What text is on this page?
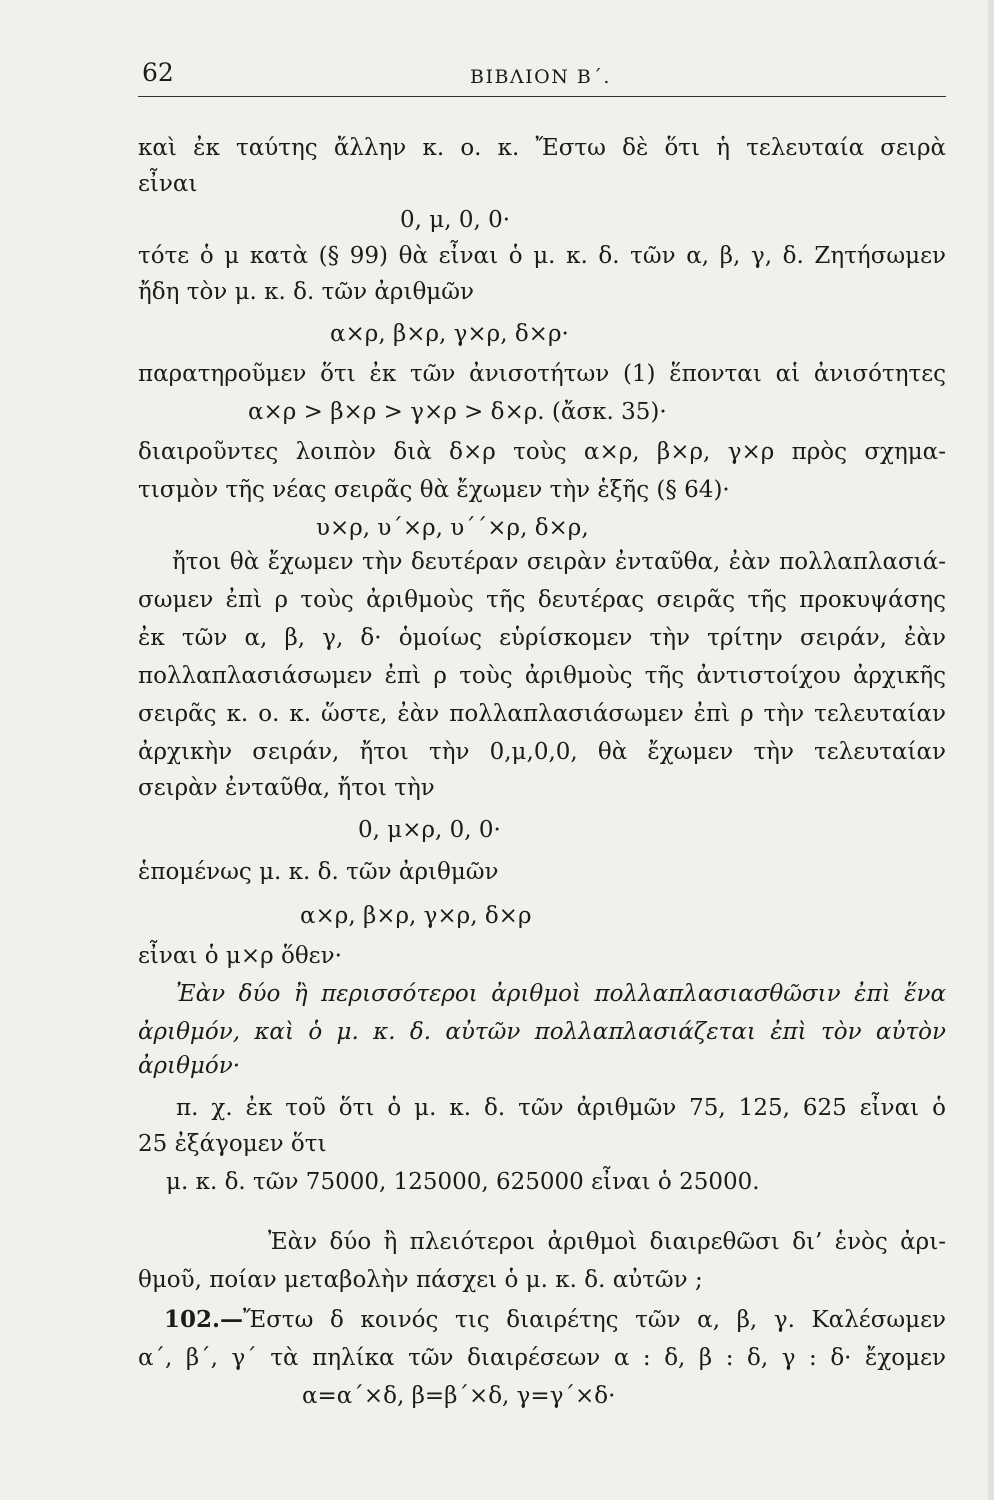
62	ΒΙΒΛΙΟΝ Β΄.
καὶ ἐκ ταύτης ἄλλην κ. ο. κ. Ἔστω δὲ ὅτι ἡ τελευταία σειρὰ
εἶναι
0, μ, 0, 0·
τότε ὁ μ κατὰ (§ 99) θὰ εἶναι ὁ μ. κ. δ. τῶν α, β, γ, δ. Ζητήσωμεν
ἤδη τὸν μ. κ. δ. τῶν ἀριθμῶν
α×ρ, β×ρ, γ×ρ, δ×ρ·
παρατηροῦμεν ὅτι ἐκ τῶν ἀνισοτήτων (1) ἕπονται αἱ ἀνισότητες
α×ρ > β×ρ > γ×ρ > δ×ρ. (ἄσκ. 35)·
διαιροῦντες λοιπὸν διὰ δ×ρ τοὺς α×ρ, β×ρ, γ×ρ πρὸς σχημα-
τισμὸν τῆς νέας σειρᾶς θὰ ἔχωμεν τὴν ἑξῆς (§ 64)·
υ×ρ, υ΄×ρ, υ΄΄×ρ, δ×ρ,
ἤτοι θὰ ἔχωμεν τὴν δευτέραν σειρὰν ἐνταῦθα, ἐὰν πολλαπλασιά-
σωμεν ἐπὶ ρ τοὺς ἀριθμοὺς τῆς δευτέρας σειρᾶς τῆς προκυψάσης
ἐκ τῶν α, β, γ, δ· ὁμοίως εὑρίσκομεν τὴν τρίτην σειράν, ἐὰν
πολλαπλασιάσωμεν ἐπὶ ρ τοὺς ἀριθμοὺς τῆς ἀντιστοίχου ἀρχικῆς
σειρᾶς κ. ο. κ. ὥστε, ἐὰν πολλαπλασιάσωμεν ἐπὶ ρ τὴν τελευταίαν
ἀρχικὴν σειράν, ἤτοι τὴν 0,μ,0,0, θὰ ἔχωμεν τὴν τελευταίαν
σειρὰν ἐνταῦθα, ἤτοι τὴν
0, μ×ρ, 0, 0·
ἑπομένως μ. κ. δ. τῶν ἀριθμῶν
α×ρ, β×ρ, γ×ρ, δ×ρ
εἶναι ὁ μ×ρ ὅθεν·
Ἐὰν δύο ἢ περισσότεροι ἀριθμοὶ πολλαπλασιασθῶσιν ἐπὶ ἕνα
ἀριθμόν, καὶ ὁ μ. κ. δ. αὐτῶν πολλαπλασιάζεται ἐπὶ τὸν αὐτὸν
ἀριθμόν·
π. χ. ἐκ τοῦ ὅτι ὁ μ. κ. δ. τῶν ἀριθμῶν 75, 125, 625 εἶναι ὁ
25 ἐξάγομεν ὅτι
μ. κ. δ. τῶν 75000, 125000, 625000 εἶναι ὁ 25000.
Ἐὰν δύο ἢ πλειότεροι ἀριθμοὶ διαιρεθῶσι δι’ ἑνὸς ἀρι-
θμοῦ, ποίαν μεταβολὴν πάσχει ὁ μ. κ. δ. αὐτῶν ;
102.—Ἔστω δ κοινός τις διαιρέτης τῶν α, β, γ. Καλέσωμεν
α΄, β΄, γ΄ τὰ πηλίκα τῶν διαιρέσεων α : δ, β : δ, γ : δ· ἔχομεν
α=α΄×δ, β=β΄×δ, γ=γ΄×δ·
